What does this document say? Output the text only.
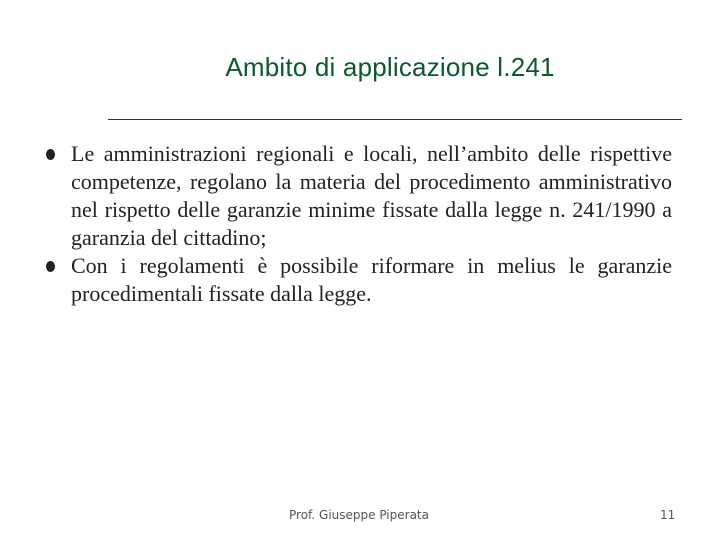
Ambito di applicazione l.241
Le amministrazioni regionali e locali, nell’ambito delle rispettive competenze, regolano la materia del procedimento amministrativo nel rispetto delle garanzie minime fissate dalla legge n. 241/1990 a garanzia del cittadino;
Con i regolamenti è possibile riformare in melius le garanzie procedimentali fissate dalla legge.
Prof. Giuseppe Piperata	11
